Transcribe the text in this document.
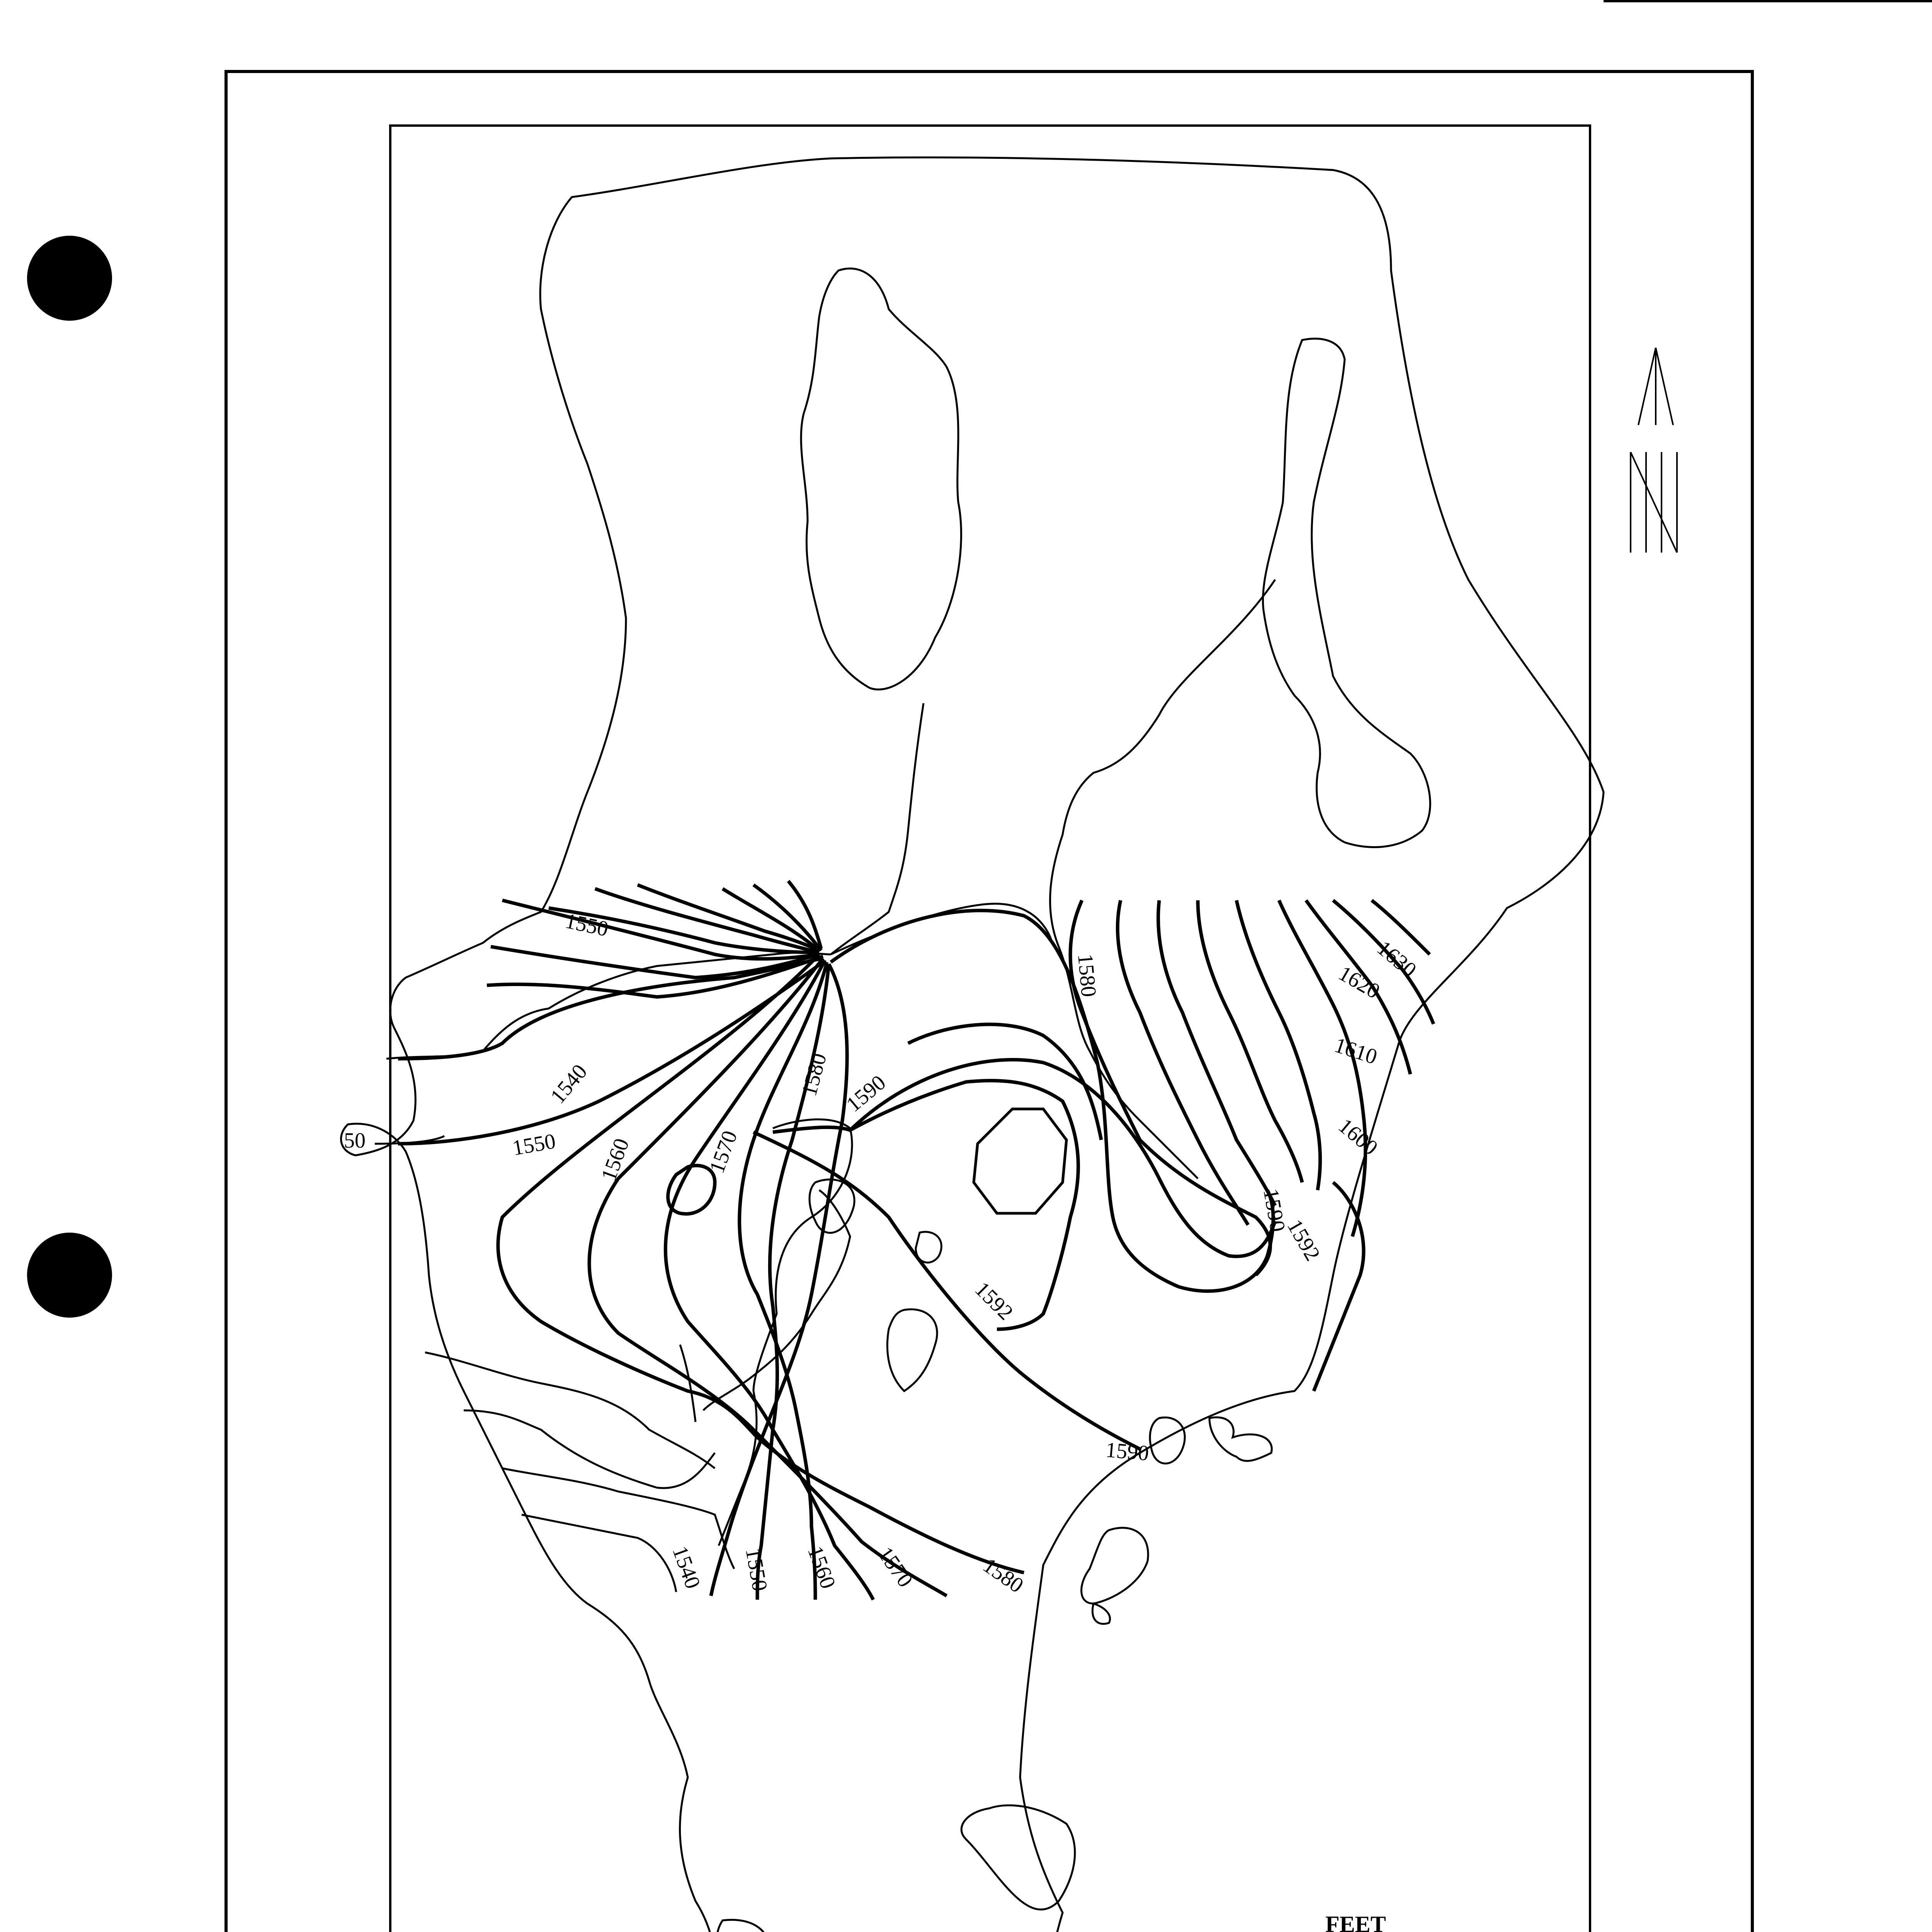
1550
1540
1550 1560	1570
1580 1590
1580	1630
1620
1610
1600
1590
1592
1592
1590
1540 1550 1560 1570	1580
50
FEET
